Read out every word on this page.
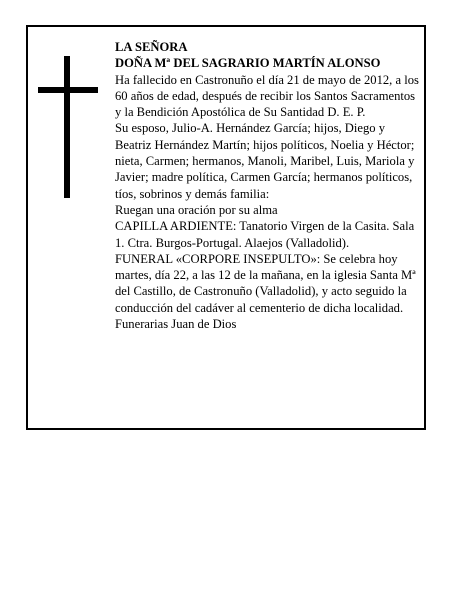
LA SEÑORA

DOÑA Mª DEL SAGRARIO MARTÍN ALONSO

Ha fallecido en Castronuño el día 21 de mayo de 2012, a los 60 años de edad, después de recibir los Santos Sacramentos y la Bendición Apostólica de Su Santidad D. E. P.

Su esposo, Julio-A. Hernández García; hijos, Diego y Beatriz Hernández Martín; hijos políticos, Noelia y Héctor; nieta, Carmen; hermanos, Manoli, Maribel, Luis, Mariola y Javier; madre política, Carmen García; hermanos políticos, tíos, sobrinos y demás familia:

Ruegan una oración por su alma

CAPILLA ARDIENTE: Tanatorio Virgen de la Casita. Sala 1. Ctra. Burgos-Portugal. Alaejos (Valladolid).

FUNERAL «CORPORE INSEPULTO»: Se celebra hoy martes, día 22, a las 12 de la mañana, en la iglesia Santa Mª del Castillo, de Castronuño (Valladolid), y acto seguido la conducción del cadáver al cementerio de dicha localidad.

Funerarias Juan de Dios
